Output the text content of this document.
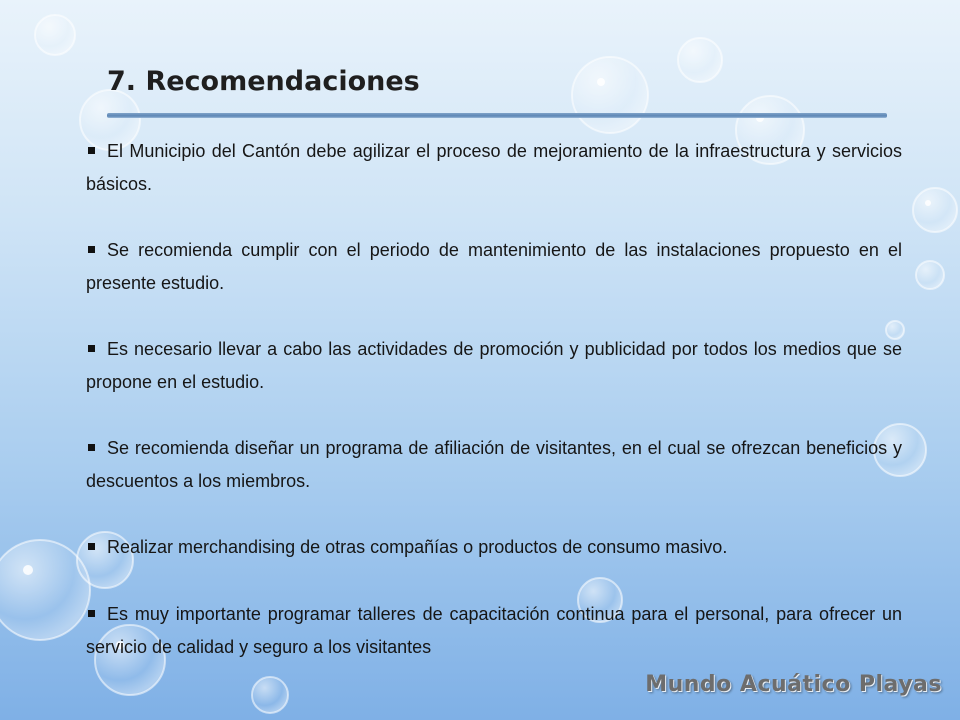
7. Recomendaciones
El Municipio del Cantón debe agilizar el proceso de mejoramiento de la infraestructura y servicios básicos.
Se recomienda cumplir con el periodo de mantenimiento de las instalaciones propuesto en el presente estudio.
Es necesario llevar a cabo las actividades de promoción y publicidad por todos los medios que se propone en el estudio.
Se recomienda diseñar un programa de afiliación de visitantes, en el cual se ofrezcan beneficios y descuentos a los miembros.
Realizar merchandising de otras compañías o productos de consumo masivo.
Es muy importante programar talleres de capacitación continua para el personal, para ofrecer un servicio de calidad y seguro a los visitantes
Mundo Acuático Playas
